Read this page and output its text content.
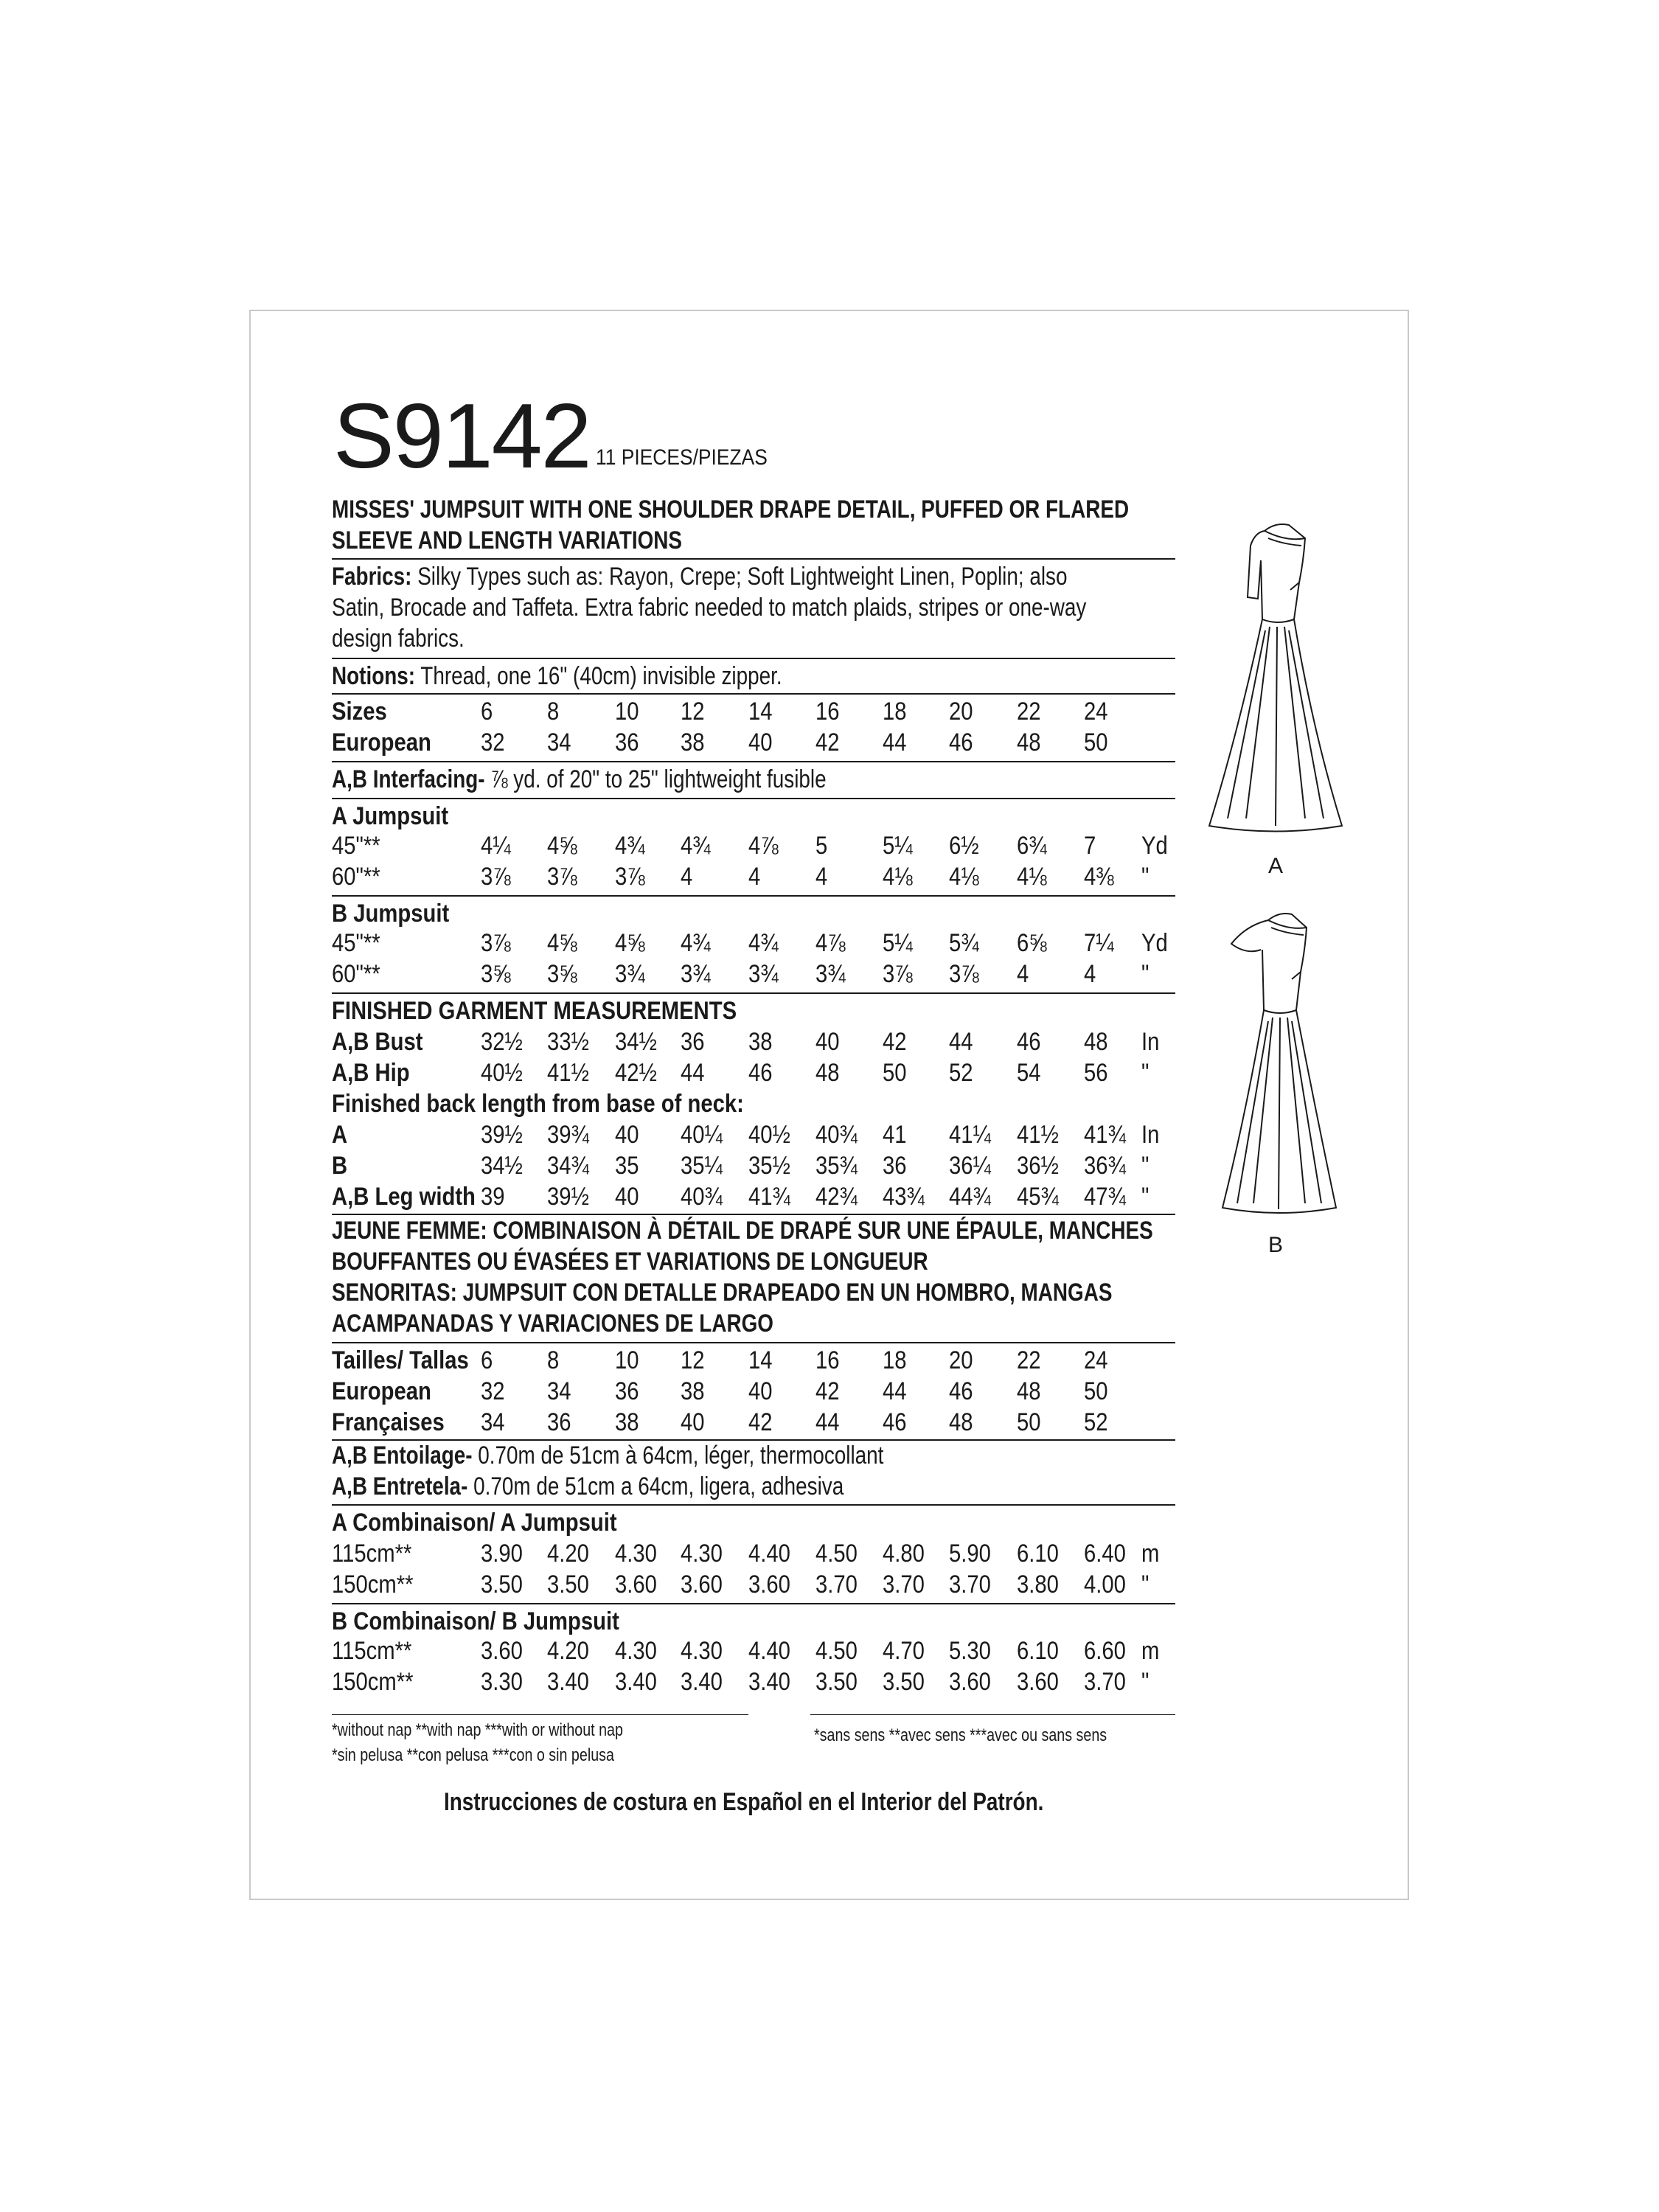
S9142 11 PIECES/PIEZAS
MISSES' JUMPSUIT WITH ONE SHOULDER DRAPE DETAIL, PUFFED OR FLARED
SLEEVE AND LENGTH VARIATIONS
Fabrics: Silky Types such as: Rayon, Crepe; Soft Lightweight Linen, Poplin; also
Satin, Brocade and Taffeta. Extra fabric needed to match plaids, stripes or one-way
design fabrics.
Notions: Thread, one 16" (40cm) invisible zipper.
Sizes	6 8 10 12 14 16 18 20 22 24
European 32 34 36 38 40 42 44 46 48 50
A,B Interfacing- ⅞ yd. of 20" to 25" lightweight fusible
A Jumpsuit
45"**	4¼ 4⅝ 4¾ 4¾ 4⅞ 5 5¼ 6½ 6¾ 7 Yd
60"**	3⅞ 3⅞ 3⅞ 4 4 4 4⅛ 4⅛ 4⅛ 4⅜ "
B Jumpsuit
45"**	3⅞ 4⅝ 4⅝ 4¾ 4¾ 4⅞ 5¼ 5¾ 6⅝ 7¼ Yd
60"**	3⅝ 3⅝ 3¾ 3¾ 3¾ 3¾ 3⅞ 3⅞ 4 4 "
FINISHED GARMENT MEASUREMENTS
A,B Bust 32½ 33½ 34½ 36 38 40 42 44 46 48 In
A,B Hip	40½ 41½ 42½ 44 46 48 50 52 54 56 "
Finished back length from base of neck:
A	39½ 39¾ 40 40¼ 40½ 40¾ 41 41¼ 41½ 41¾ In
B	34½ 34¾ 35 35¼ 35½ 35¾ 36 36¼ 36½ 36¾ "
A,B Leg width 39 39½ 40 40¾ 41¾ 42¾ 43¾ 44¾ 45¾ 47¾ "
Tailles/ Tallas 6 8 10 12 14 16 18 20 22 24
European 32 34 36 38 40 42 44 46 48 50
Françaises 34 36 38 40 42 44 46 48 50 52
A Combinaison/ A Jumpsuit
115cm**	3.90 4.20 4.30 4.30 4.40 4.50 4.80 5.90 6.10 6.40 m
150cm**	3.50 3.50 3.60 3.60 3.60 3.70 3.70 3.70 3.80 4.00 "
B Combinaison/ B Jumpsuit
115cm**	3.60 4.20 4.30 4.30 4.40 4.50 4.70 5.30 6.10 6.60 m
150cm**	3.30 3.40 3.40 3.40 3.40 3.50 3.50 3.60 3.60 3.70 "
JEUNE FEMME: COMBINAISON À DÉTAIL DE DRAPÉ SUR UNE ÉPAULE, MANCHES
BOUFFANTES OU ÉVASÉES ET VARIATIONS DE LONGUEUR
SENORITAS: JUMPSUIT CON DETALLE DRAPEADO EN UN HOMBRO, MANGAS
ACAMPANADAS Y VARIACIONES DE LARGO
A,B Entoilage- 0.70m de 51cm à 64cm, léger, thermocollant
A,B Entretela- 0.70m de 51cm a 64cm, ligera, adhesiva
*without nap **with nap ***with or without nap
*sin pelusa **con pelusa ***con o sin pelusa
*sans sens **avec sens ***avec ou sans sens
Instrucciones de costura en Español en el Interior del Patrón.
A
B
